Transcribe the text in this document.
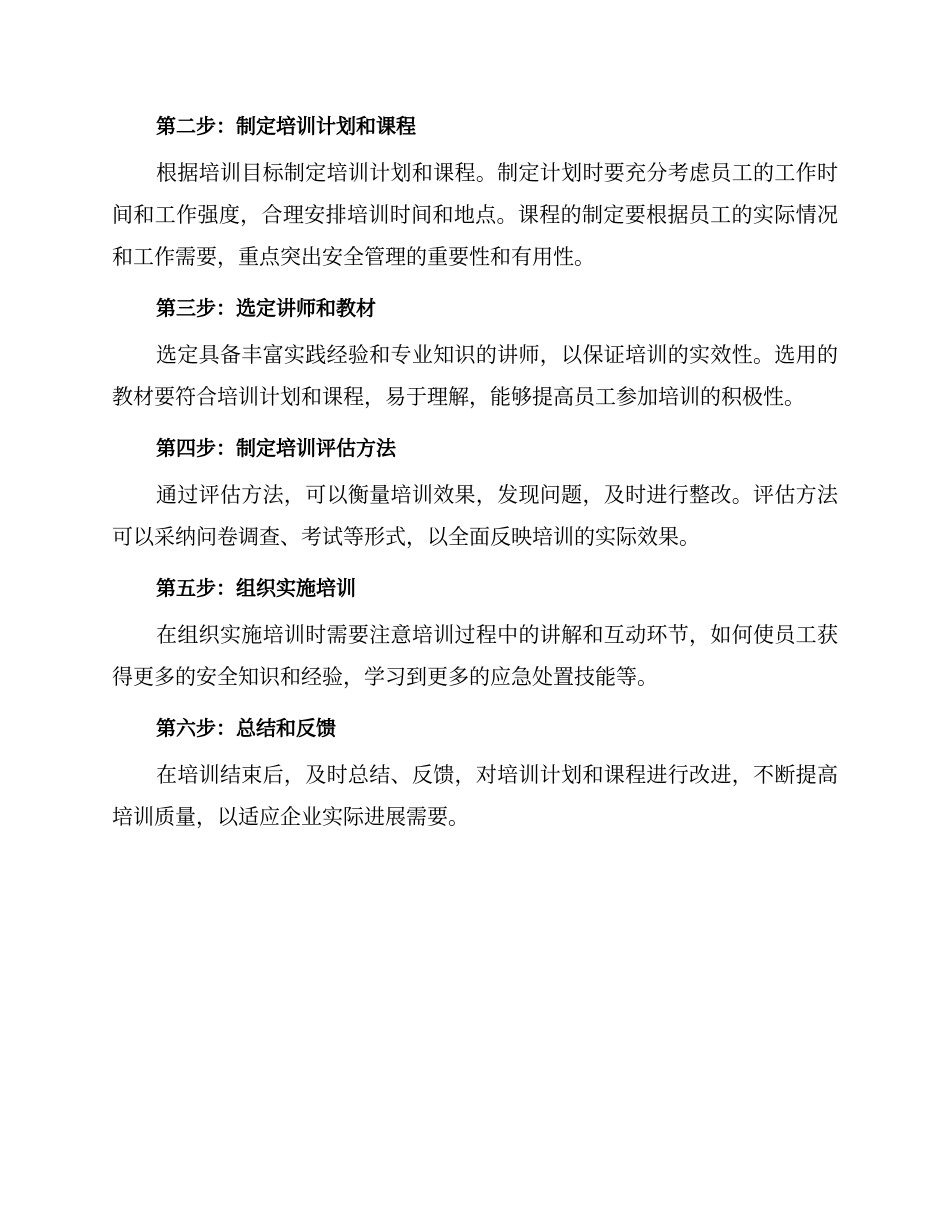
第二步：制定培训计划和课程

根据培训目标制定培训计划和课程。制定计划时要充分考虑员工的工作时间和工作强度，合理安排培训时间和地点。课程的制定要根据员工的实际情况和工作需要，重点突出安全管理的重要性和有用性。

第三步：选定讲师和教材

选定具备丰富实践经验和专业知识的讲师，以保证培训的实效性。选用的教材要符合培训计划和课程，易于理解，能够提高员工参加培训的积极性。

第四步：制定培训评估方法

通过评估方法，可以衡量培训效果，发现问题，及时进行整改。评估方法可以采纳问卷调查、考试等形式，以全面反映培训的实际效果。

第五步：组织实施培训

在组织实施培训时需要注意培训过程中的讲解和互动环节，如何使员工获得更多的安全知识和经验，学习到更多的应急处置技能等。

第六步：总结和反馈

在培训结束后，及时总结、反馈，对培训计划和课程进行改进，不断提高培训质量，以适应企业实际进展需要。
